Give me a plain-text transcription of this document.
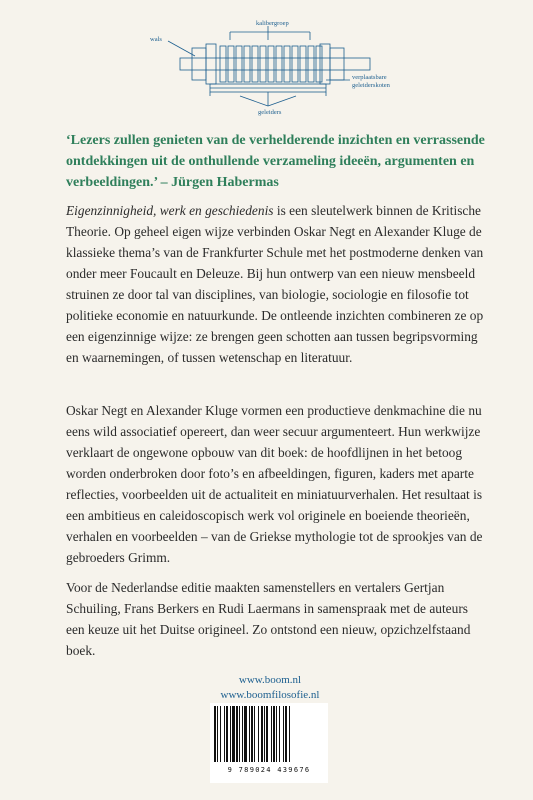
wals
kalibergroep
verplaatsbare
geleiderskoten
geleiders
‘Lezers zullen genieten van de verhelderende inzichten en verrassende ontdekkingen uit de onthullende verzameling ideeën, argumenten en verbeeldingen.’ – Jürgen Habermas
Eigenzinnigheid, werk en geschiedenis is een sleutelwerk binnen de Kritische Theorie. Op geheel eigen wijze verbinden Oskar Negt en Alexander Kluge de klassieke thema’s van de Frankfurter Schule met het postmoderne denken van onder meer Foucault en Deleuze. Bij hun ontwerp van een nieuw mensbeeld struinen ze door tal van disciplines, van biologie, sociologie en filosofie tot politieke economie en natuurkunde. De ontleende inzichten combineren ze op een eigenzinnige wijze: ze brengen geen schotten aan tussen begripsvorming en waarnemingen, of tussen wetenschap en literatuur.
Oskar Negt en Alexander Kluge vormen een productieve denkmachine die nu eens wild associatief opereert, dan weer secuur argumenteert. Hun werkwijze verklaart de ongewone opbouw van dit boek: de hoofdlijnen in het betoog worden onderbroken door foto’s en afbeeldingen, figuren, kaders met aparte reflecties, voorbeelden uit de actualiteit en miniatuurverhalen. Het resultaat is een ambitieus en caleidoscopisch werk vol originele en boeiende theorieën, verhalen en voorbeelden – van de Griekse mythologie tot de sprookjes van de gebroeders Grimm.
Voor de Nederlandse editie maakten samenstellers en vertalers Gertjan Schuiling, Frans Berkers en Rudi Laermans in samenspraak met de auteurs een keuze uit het Duitse origineel. Zo ontstond een nieuw, opzichzelfstaand boek.
www.boom.nl
www.boomfilosofie.nl
9 789024 439676
